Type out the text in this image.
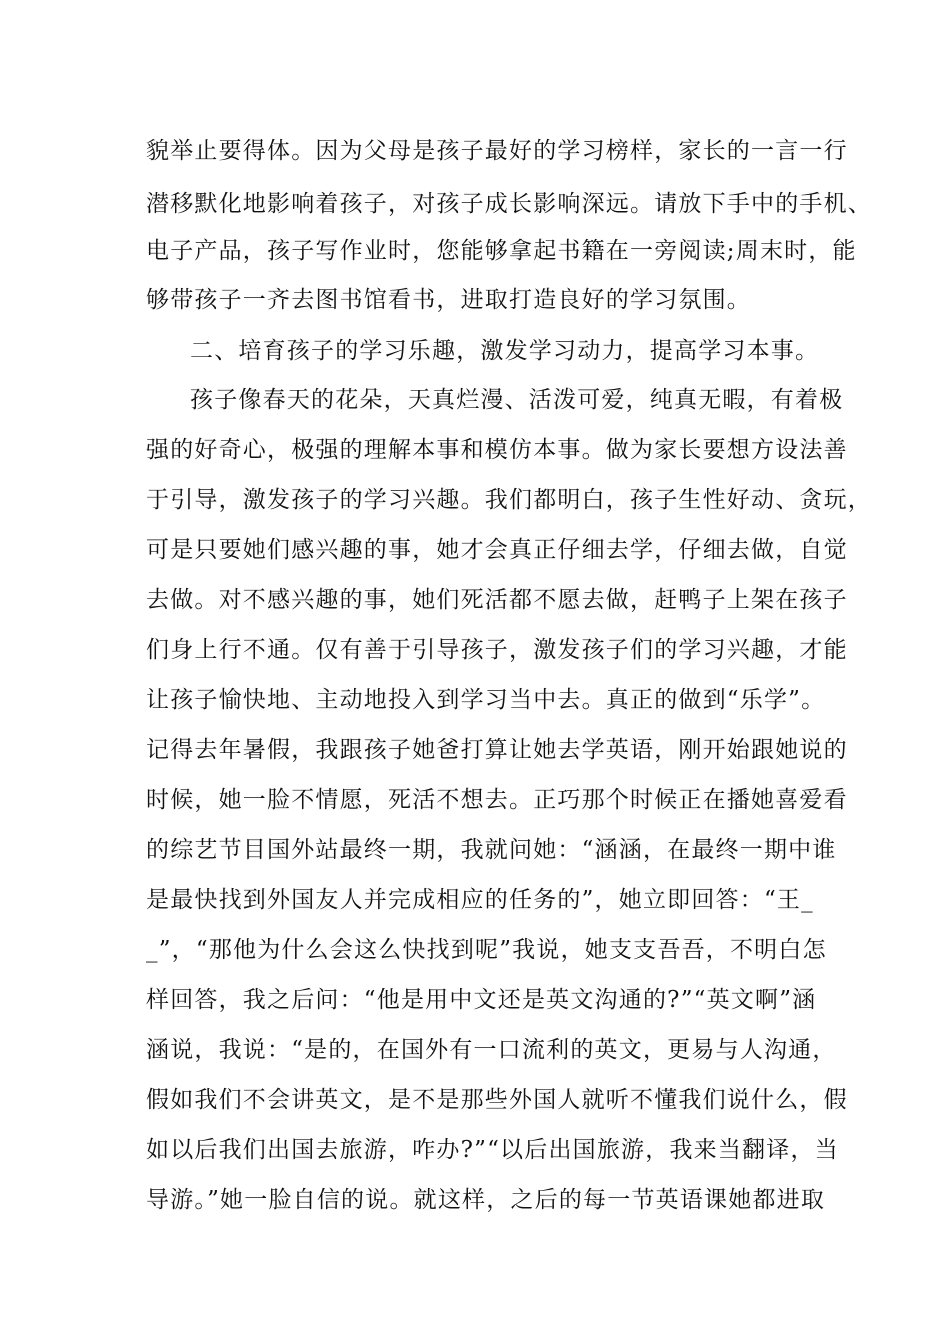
貌举止要得体。因为父母是孩子最好的学习榜样，家长的一言一行
潜移默化地影响着孩子，对孩子成长影响深远。请放下手中的手机、
电子产品，孩子写作业时，您能够拿起书籍在一旁阅读;周末时，能
够带孩子一齐去图书馆看书，进取打造良好的学习氛围。
二、培育孩子的学习乐趣，激发学习动力，提高学习本事。
孩子像春天的花朵，天真烂漫、活泼可爱，纯真无暇，有着极
强的好奇心，极强的理解本事和模仿本事。做为家长要想方设法善
于引导，激发孩子的学习兴趣。我们都明白，孩子生性好动、贪玩，
可是只要她们感兴趣的事，她才会真正仔细去学，仔细去做，自觉
去做。对不感兴趣的事，她们死活都不愿去做，赶鸭子上架在孩子
们身上行不通。仅有善于引导孩子，激发孩子们的学习兴趣，才能
让孩子愉快地、主动地投入到学习当中去。真正的做到“乐学”。
记得去年暑假，我跟孩子她爸打算让她去学英语，刚开始跟她说的
时候，她一脸不情愿，死活不想去。正巧那个时候正在播她喜爱看
的综艺节目国外站最终一期，我就问她：“涵涵，在最终一期中谁
是最快找到外国友人并完成相应的任务的”，她立即回答：“王_
_”，“那他为什么会这么快找到呢”我说，她支支吾吾，不明白怎
样回答，我之后问：“他是用中文还是英文沟通的?”“英文啊”涵
涵说，我说：“是的，在国外有一口流利的英文，更易与人沟通，
假如我们不会讲英文，是不是那些外国人就听不懂我们说什么，假
如以后我们出国去旅游，咋办?”“以后出国旅游，我来当翻译，当
导游。”她一脸自信的说。就这样，之后的每一节英语课她都进取
